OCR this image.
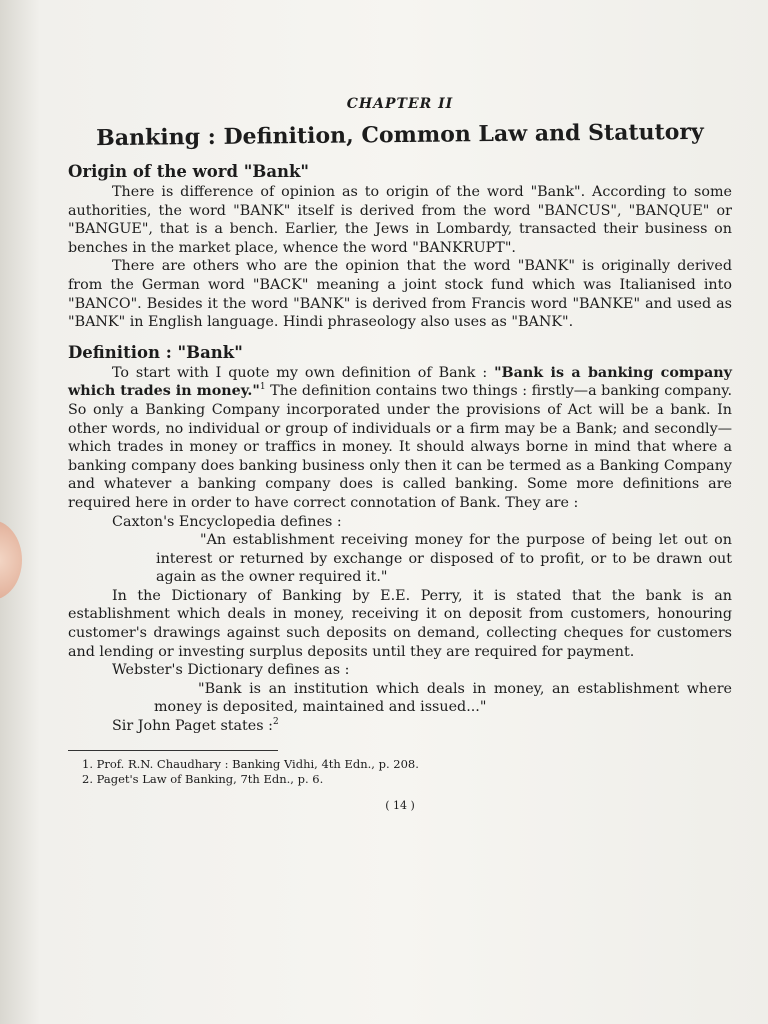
CHAPTER II
Banking : Definition, Common Law and Statutory
Origin of the word "Bank"

There is difference of opinion as to origin of the word "Bank". According to some authorities, the word "BANK" itself is derived from the word "BANCUS", "BANQUE" or "BANGUE", that is a bench. Earlier, the Jews in Lombardy, transacted their business on benches in the market place, whence the word "BANKRUPT".

There are others who are the opinion that the word "BANK" is originally derived from the German word "BACK" meaning a joint stock fund which was Italianised into "BANCO". Besides it the word "BANK" is derived from Francis word "BANKE" and used as "BANK" in English language. Hindi phraseology also uses as "BANK".

Definition : "Bank"

To start with I quote my own definition of Bank : "Bank is a banking company which trades in money."$^1$ The definition contains two things : firstly—a banking company. So only a Banking Company incorporated under the provisions of Act will be a bank. In other words, no individual or group of individuals or a firm may be a Bank; and secondly—which trades in money or traffics in money. It should always borne in mind that where a banking company does banking business only then it can be termed as a Banking Company and whatever a banking company does is called banking. Some more definitions are required here in order to have correct connotation of Bank. They are :

Caxton's Encyclopedia defines :

"An establishment receiving money for the purpose of being let out on interest or returned by exchange or disposed of to profit, or to be drawn out again as the owner required it."

In the Dictionary of Banking by E.E. Perry, it is stated that the bank is an establishment which deals in money, receiving it on deposit from customers, honouring customer's drawings against such deposits on demand, collecting cheques for customers and lending or investing surplus deposits until they are required for payment.

Webster's Dictionary defines as :

"Bank is an institution which deals in money, an establishment where money is deposited, maintained and issued..."

Sir John Paget states :$^2$

1. Prof. R.N. Chaudhary : Banking Vidhi, 4th Edn., p. 208.
2. Paget's Law of Banking, 7th Edn., p. 6.
( 14 )
